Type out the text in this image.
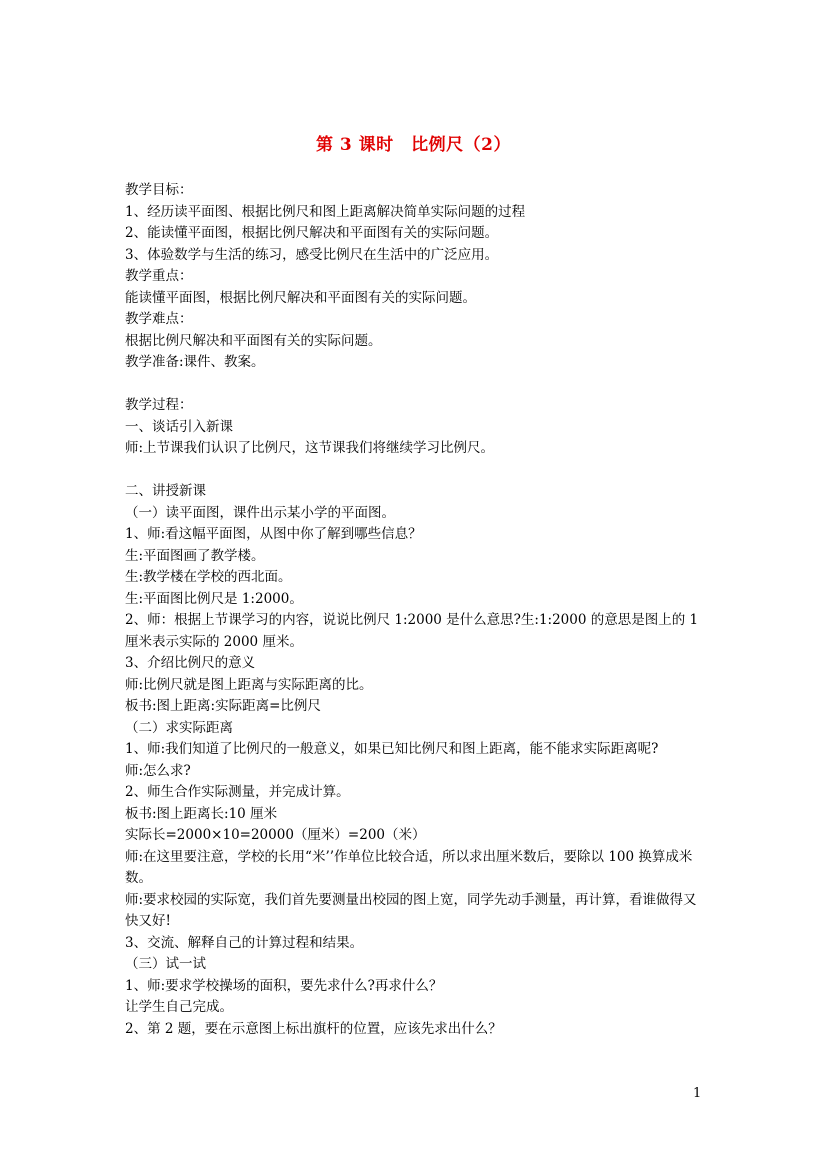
第 3 课时　比例尺（2）
教学目标：
1、经历读平面图、根据比例尺和图上距离解决简单实际问题的过程
2、能读懂平面图，根据比例尺解决和平面图有关的实际问题。
3、体验数学与生活的练习，感受比例尺在生活中的广泛应用。
教学重点：
能读懂平面图，根据比例尺解决和平面图有关的实际问题。
教学难点：
根据比例尺解决和平面图有关的实际问题。
教学准备:课件、教案。
教学过程：
一、谈话引入新课
师:上节课我们认识了比例尺，这节课我们将继续学习比例尺。
二、讲授新课
（一）读平面图，课件出示某小学的平面图。
1、师:看这幅平面图，从图中你了解到哪些信息？
生:平面图画了教学楼。
生:教学楼在学校的西北面。
生:平面图比例尺是 1:2000。
2、师：根据上节课学习的内容，说说比例尺 1:2000 是什么意思?生:1:2000 的意思是图上的 1 厘米表示实际的 2000 厘米。
3、介绍比例尺的意义
师:比例尺就是图上距离与实际距离的比。
板书:图上距离:实际距离=比例尺
（二）求实际距离
1、师:我们知道了比例尺的一般意义，如果已知比例尺和图上距离，能不能求实际距离呢?
师:怎么求?
2、师生合作实际测量，并完成计算。
板书:图上距离长:10 厘米
实际长=2000×10=20000（厘米）=200（米）
师:在这里要注意，学校的长用“米’’作单位比较合适，所以求出厘米数后，要除以 100 换算成米数。
师:要求校园的实际宽，我们首先要测量出校园的图上宽，同学先动手测量，再计算，看谁做得又快又好!
3、交流、解释自己的计算过程和结果。
（三）试一试
1、师:要求学校操场的面积，要先求什么?再求什么？
让学生自己完成。
2、第 2 题，要在示意图上标出旗杆的位置，应该先求出什么？
1
